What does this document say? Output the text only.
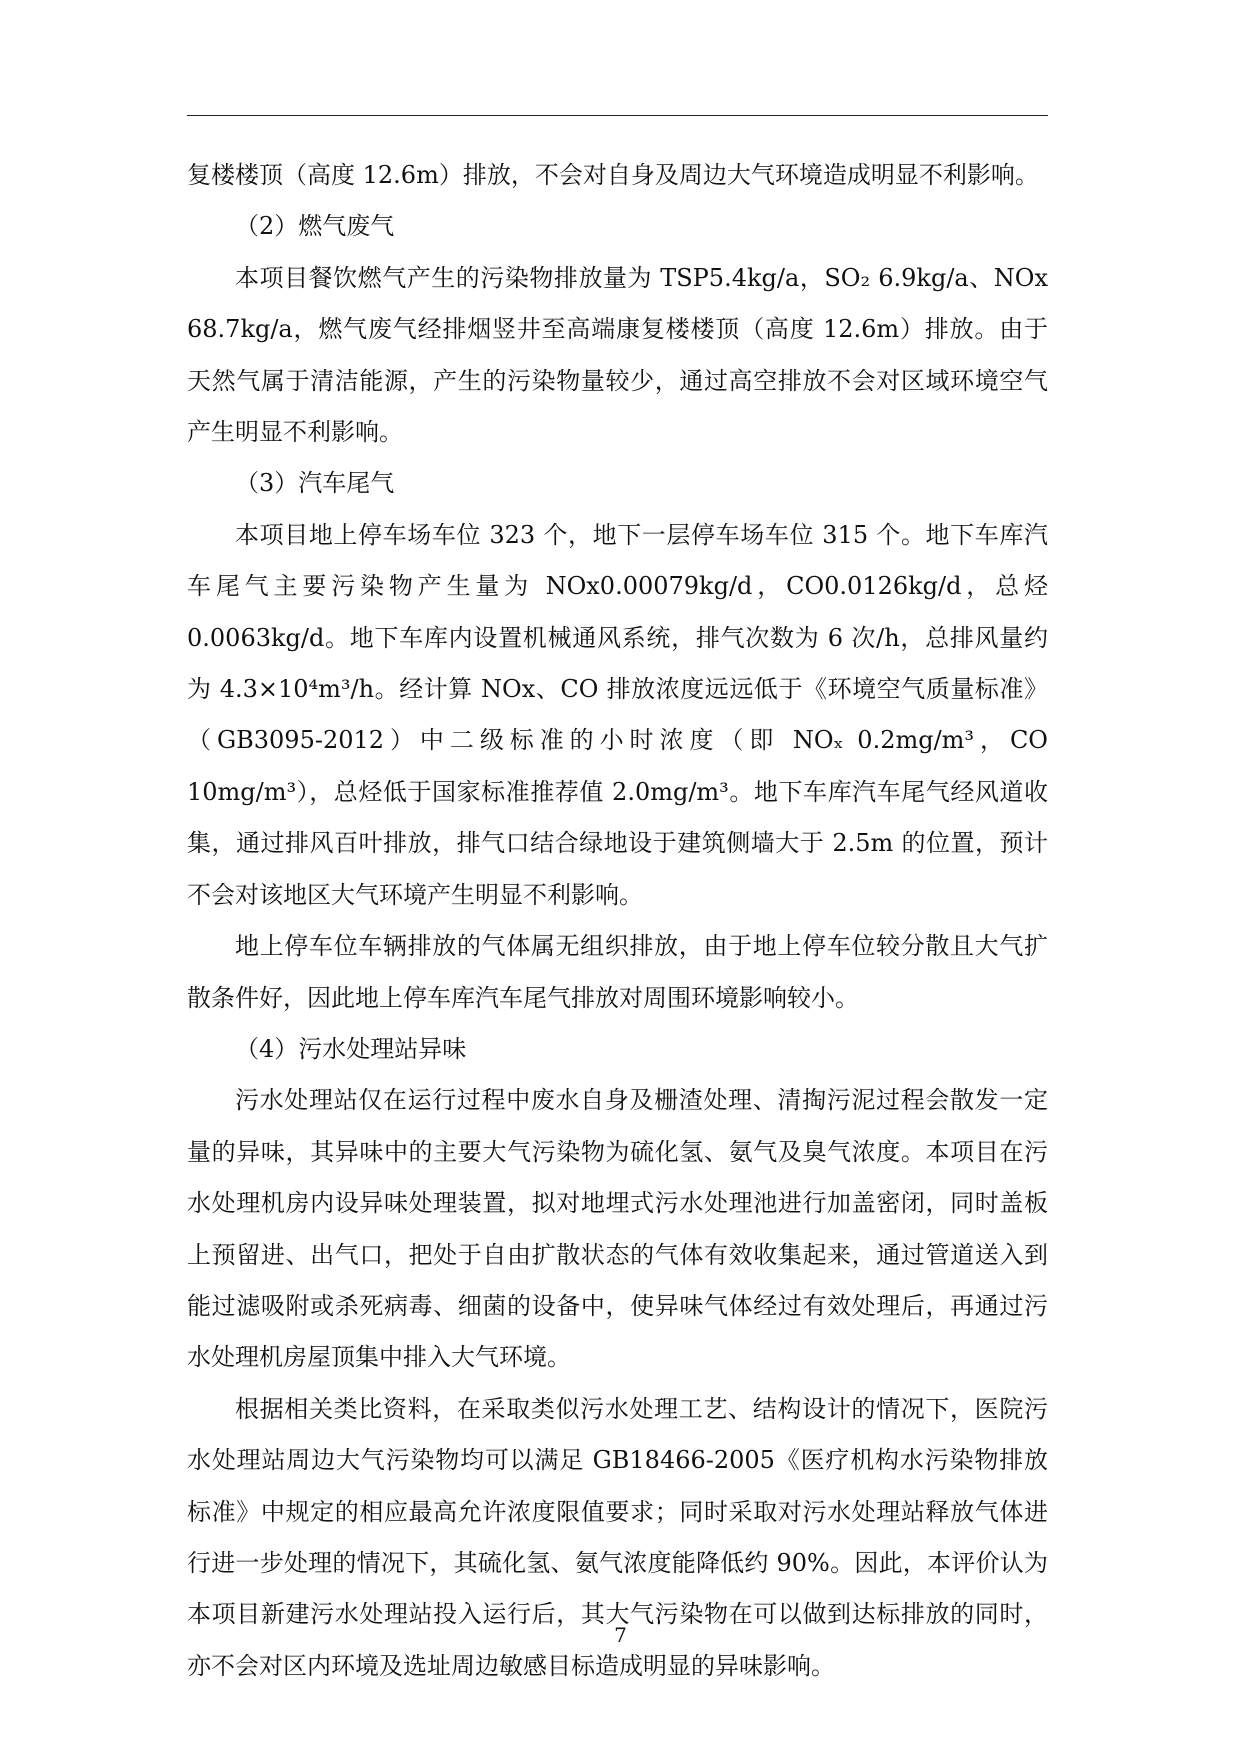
复楼楼顶（高度 12.6m）排放，不会对自身及周边大气环境造成明显不利影响。

（2）燃气废气

本项目餐饮燃气产生的污染物排放量为 TSP5.4kg/a，SO₂ 6.9kg/a、NOx 68.7kg/a，燃气废气经排烟竖井至高端康复楼楼顶（高度 12.6m）排放。由于天然气属于清洁能源，产生的污染物量较少，通过高空排放不会对区域环境空气产生明显不利影响。

（3）汽车尾气

本项目地上停车场车位 323 个，地下一层停车场车位 315 个。地下车库汽车尾气主要污染物产生量为 NOx0.00079kg/d，CO0.0126kg/d，总烃 0.0063kg/d。地下车库内设置机械通风系统，排气次数为 6 次/h，总排风量约为 4.3×10⁴m³/h。经计算 NOx、CO 排放浓度远远低于《环境空气质量标准》（GB3095-2012）中二级标准的小时浓度（即 NOₓ 0.2mg/m³，CO 10mg/m³），总烃低于国家标准推荐值 2.0mg/m³。地下车库汽车尾气经风道收集，通过排风百叶排放，排气口结合绿地设于建筑侧墙大于 2.5m 的位置，预计不会对该地区大气环境产生明显不利影响。

地上停车位车辆排放的气体属无组织排放，由于地上停车位较分散且大气扩散条件好，因此地上停车库汽车尾气排放对周围环境影响较小。

（4）污水处理站异味

污水处理站仅在运行过程中废水自身及栅渣处理、清掏污泥过程会散发一定量的异味，其异味中的主要大气污染物为硫化氢、氨气及臭气浓度。本项目在污水处理机房内设异味处理装置，拟对地埋式污水处理池进行加盖密闭，同时盖板上预留进、出气口，把处于自由扩散状态的气体有效收集起来，通过管道送入到能过滤吸附或杀死病毒、细菌的设备中，使异味气体经过有效处理后，再通过污水处理机房屋顶集中排入大气环境。

根据相关类比资料，在采取类似污水处理工艺、结构设计的情况下，医院污水处理站周边大气污染物均可以满足 GB18466-2005《医疗机构水污染物排放标准》中规定的相应最高允许浓度限值要求；同时采取对污水处理站释放气体进行进一步处理的情况下，其硫化氢、氨气浓度能降低约 90%。因此，本评价认为本项目新建污水处理站投入运行后，其大气污染物在可以做到达标排放的同时，亦不会对区内环境及选址周边敏感目标造成明显的异味影响。

7
